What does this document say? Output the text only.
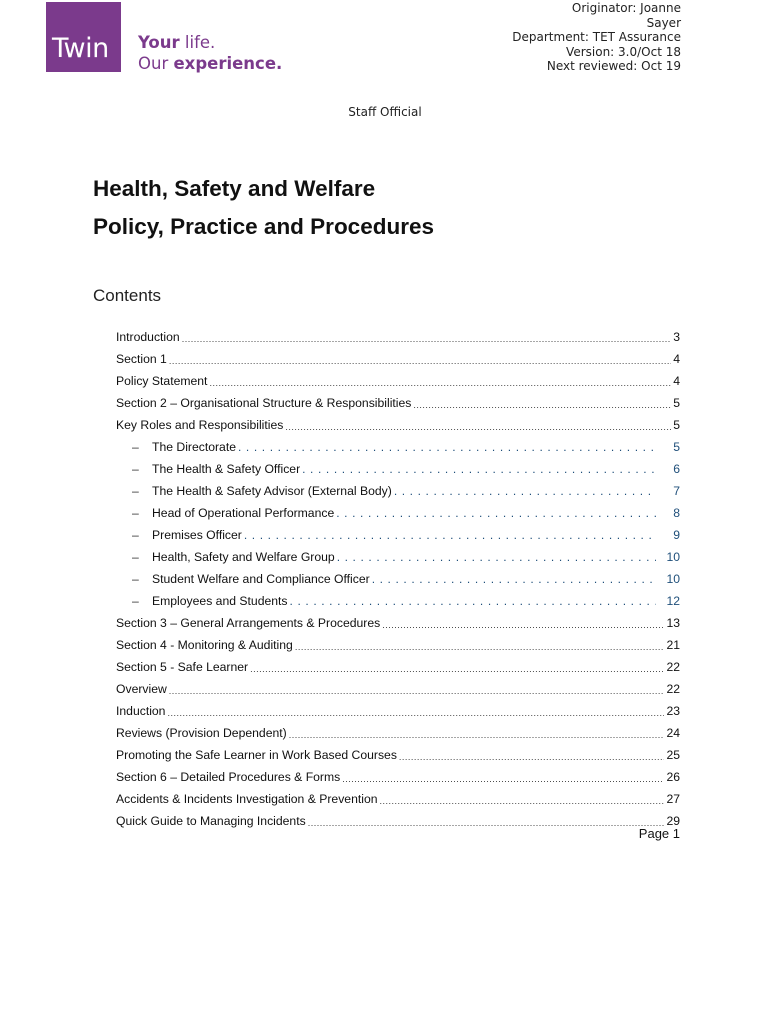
Twin Your life.
Our experience.
Originator: Joanne
Sayer
Department: TET Assurance
Version: 3.0/Oct 18
Next reviewed: Oct 19
Staff Official
Health, Safety and Welfare
Policy, Practice and Procedures
Contents
Introduction .....	3
Section 1 .....	4
Policy Statement .....	4
Section 2 – Organisational Structure & Responsibilities .....	5
Key Roles and Responsibilities .....	5
–	The Directorate .....	5
–	The Health & Safety Officer .....	6
–	The Health & Safety Advisor (External Body) .....	7
–	Head of Operational Performance .....	8
–	Premises Officer .....	9
–	Health, Safety and Welfare Group .....	10
–	Student Welfare and Compliance Officer .....	10
–	Employees and Students .....	12
Section 3 – General Arrangements & Procedures .....	13
Section 4 - Monitoring & Auditing .....	21
Section 5 - Safe Learner .....	22
Overview .....	22
Induction .....	23
Reviews (Provision Dependent) .....	24
Promoting the Safe Learner in Work Based Courses .....	25
Section 6 – Detailed Procedures & Forms .....	26
Accidents & Incidents Investigation & Prevention .....	27
Quick Guide to Managing Incidents .....	29
Page 1
